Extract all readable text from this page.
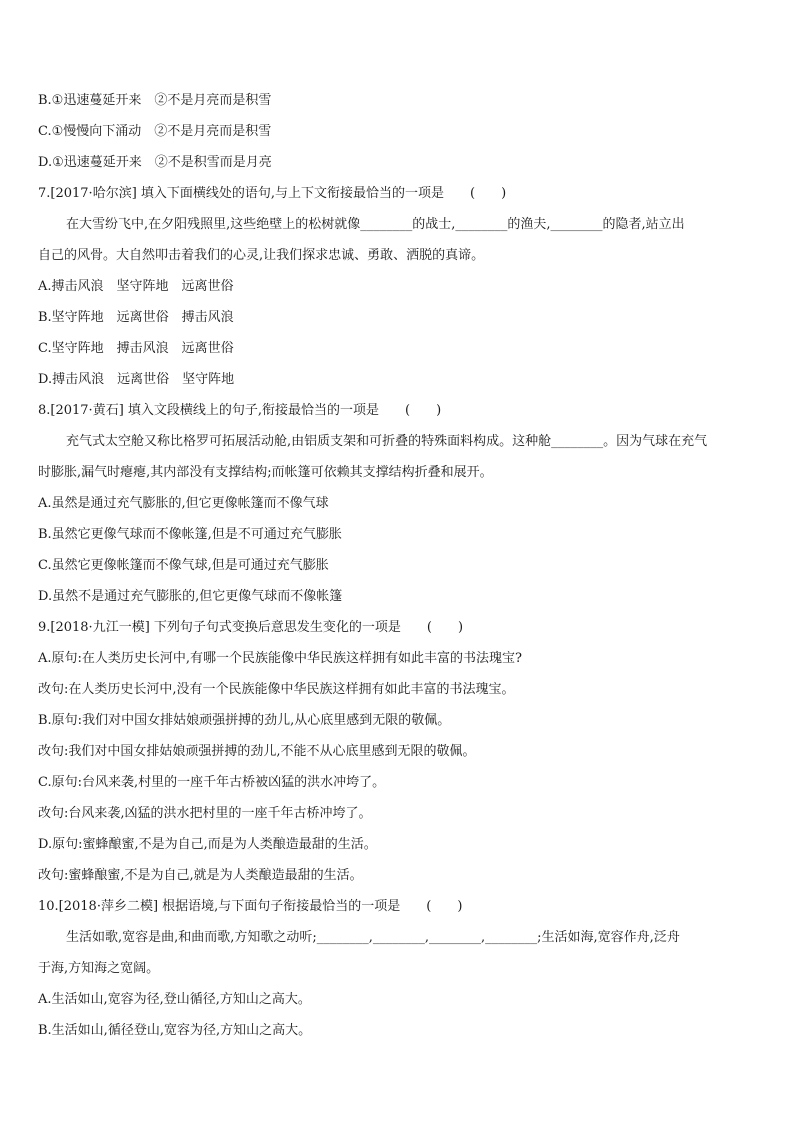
B.①迅速蔓延开来　②不是月亮而是积雪
C.①慢慢向下涌动　②不是月亮而是积雪
D.①迅速蔓延开来　②不是积雪而是月亮
7.[2017·哈尔滨] 填入下面横线处的语句,与上下文衔接最恰当的一项是　　(　　)
在大雪纷飞中,在夕阳残照里,这些绝壁上的松树就像________的战士,________的渔夫,________的隐者,站立出
自己的风骨。大自然叩击着我们的心灵,让我们探求忠诚、勇敢、洒脱的真谛。
A.搏击风浪　坚守阵地　远离世俗
B.坚守阵地　远离世俗　搏击风浪
C.坚守阵地　搏击风浪　远离世俗
D.搏击风浪　远离世俗　坚守阵地
8.[2017·黄石] 填入文段横线上的句子,衔接最恰当的一项是　　(　　)
充气式太空舱又称比格罗可拓展活动舱,由铝质支架和可折叠的特殊面料构成。这种舱________。因为气球在充气
时膨胀,漏气时瘪瘪,其内部没有支撑结构;而帐篷可依赖其支撑结构折叠和展开。
A.虽然是通过充气膨胀的,但它更像帐篷而不像气球
B.虽然它更像气球而不像帐篷,但是不可通过充气膨胀
C.虽然它更像帐篷而不像气球,但是可通过充气膨胀
D.虽然不是通过充气膨胀的,但它更像气球而不像帐篷
9.[2018·九江一模] 下列句子句式变换后意思发生变化的一项是　　(　　)
A.原句:在人类历史长河中,有哪一个民族能像中华民族这样拥有如此丰富的书法瑰宝?
改句:在人类历史长河中,没有一个民族能像中华民族这样拥有如此丰富的书法瑰宝。
B.原句:我们对中国女排姑娘顽强拼搏的劲儿,从心底里感到无限的敬佩。
改句:我们对中国女排姑娘顽强拼搏的劲儿,不能不从心底里感到无限的敬佩。
C.原句:台风来袭,村里的一座千年古桥被凶猛的洪水冲垮了。
改句:台风来袭,凶猛的洪水把村里的一座千年古桥冲垮了。
D.原句:蜜蜂酿蜜,不是为自己,而是为人类酿造最甜的生活。
改句:蜜蜂酿蜜,不是为自己,就是为人类酿造最甜的生活。
10.[2018·萍乡二模] 根据语境,与下面句子衔接最恰当的一项是　　(　　)
生活如歌,宽容是曲,和曲而歌,方知歌之动听;________,________,________,________;生活如海,宽容作舟,泛舟
于海,方知海之宽阔。
A.生活如山,宽容为径,登山循径,方知山之高大。
B.生活如山,循径登山,宽容为径,方知山之高大。
